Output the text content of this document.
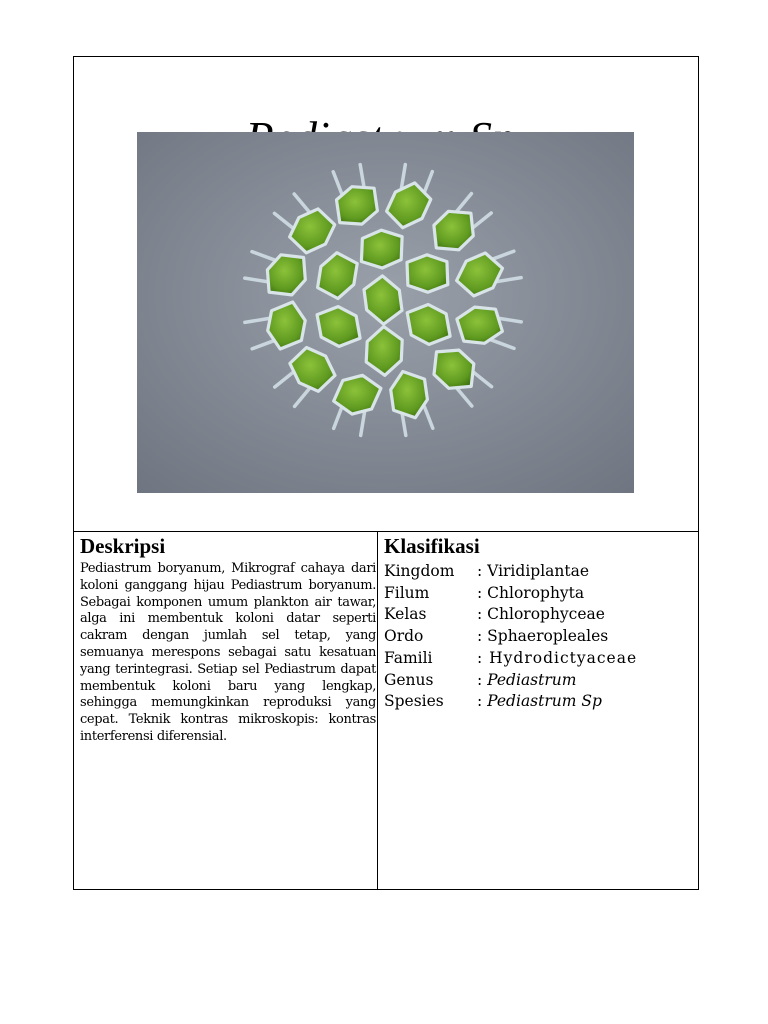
Deskripsi

Pediastrum boryanum, Mikrograf cahaya dari koloni ganggang hijau Pediastrum boryanum. Sebagai komponen umum plankton air tawar, alga ini membentuk koloni datar seperti cakram dengan jumlah sel tetap, yang semuanya merespons sebagai satu kesatuan yang terintegrasi. Setiap sel Pediastrum dapat membentuk koloni baru yang lengkap, sehingga memungkinkan reproduksi yang cepat. Teknik kontras mikroskopis: kontras interferensi diferensial.

Klasifikasi
Kingdom	: Viridiplantae
Filum	: Chlorophyta
Kelas	: Chlorophyceae
Ordo	: Sphaeropleales
Famili	: Hydrodictyaceae
Genus	: Pediastrum
Spesies	: Pediastrum Sp
